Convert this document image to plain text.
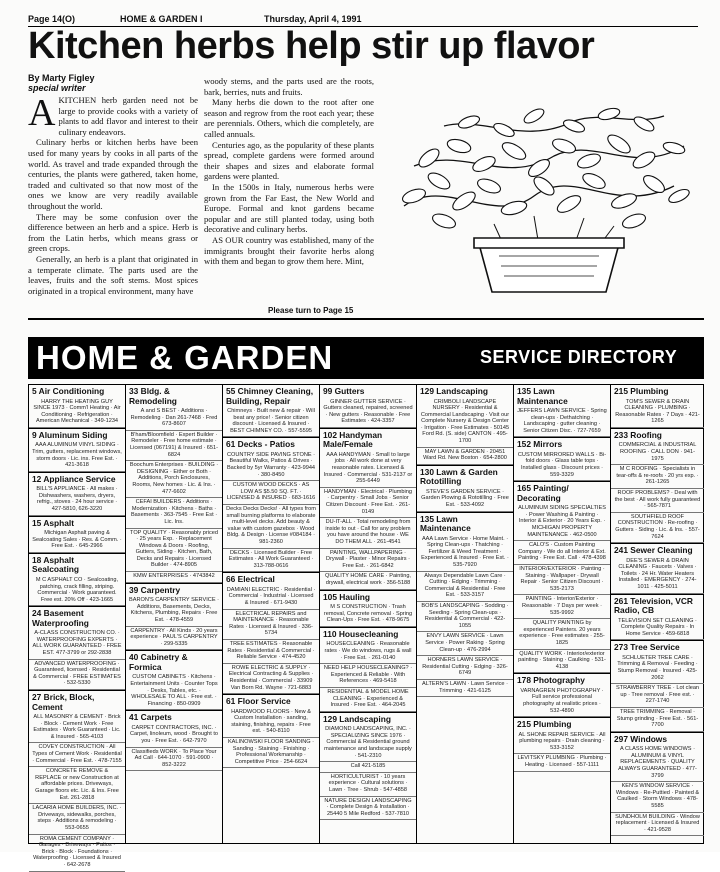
Page 14(O)	HOME & GARDEN I	Thursday, April 4, 1991
Kitchen herbs help stir up flavor
By Marty Figley
special writer

AKITCHEN herb garden need not be large to provide cooks with a variety of plants to add flavor and interest to their culinary endeavors.

Culinary herbs or kitchen herbs have been used for many years by cooks in all parts of the world. As travel and trade expanded through the centuries, the plants were gathered, taken home, traded and cultivated so that now most of the ones we know are very readily available throughout the world.

There may be some confusion over the difference between an herb and a spice. Herb is from the Latin herbs, which means grass or green crops.

Generally, an herb is a plant that originated in a temperate climate. The parts used are the leaves, fruits and the soft stems. Most spices originated in a tropical environment, many have

woody stems, and the parts used are the roots, bark, berries, nuts and fruits.

Many herbs die down to the root after one season and regrow from the root each year; these are perennials. Others, which die completely, are called annuals.

Centuries ago, as the popularity of these plants spread, complete gardens were formed around their shapes and sizes and elaborate formal gardens were planted.

In the 1500s in Italy, numerous herbs were grown from the Far East, the New World and Europe. Formal and knot gardens became popular and are still planted today, using both decorative and culinary herbs.

AS OUR country was established, many of the immigrants brought their favorite herbs along with them and began to grow them here. Mint,

Please turn to Page 15
HOME & GARDEN	SERVICE DIRECTORY
5 Air Conditioning
HARRY THE HEATING GUY SINCE 1973 · Comm'l Heating · Air Conditioning · Refrigeration · American Mechanical · 349-1234
9 Aluminum Siding
AAA ALUMINUM VINYL SIDING · Trim, gutters, replacement windows, storm doors · Lic. ins. Free Est. · 421-3618
12 Appliance Service
BILL'S APPLIANCE · All makes · Dishwashers, washers, dryers, refrig., stoves · 24 hour service · 427-5810, 626-3220
15 Asphalt
Michigan Asphalt paving & Sealcoating Sales · Res. & Comm. · Free Est. · 645-2966
18 Asphalt Sealcoating
M C ASPHALT CO · Sealcoating, patching, crack filling, striping. Commercial · Work guaranteed. Free est. 20% Off · 423-1665
24 Basement Waterproofing
A-CLASS CONSTRUCTION CO. · WATERPROOFING EXPERTS · ALL WORK GUARANTEED · FREE EST. 477-3799 or 292-2838
ADVANCED WATERPROOFING · Guaranteed, licensed · Residential & Commercial · FREE ESTIMATES · 532-5330
27 Brick, Block, Cement
ALL MASONRY & CEMENT · Brick · Block · Cement Work · Free Estimates · Work Guaranteed · Lic. & Insured · 565-4103
COVEY CONSTRUCTION · All Types of Cement Work · Residential · Commercial · Free Est. · 478-7155
CONCRETE REMOVE & REPLACE or new Construction at affordable prices. Driveways, Garage floors etc. Lic. & Ins. Free Est. 261-2818
LACARIA HOME BUILDERS, INC. · Driveways, sidewalks, porches, steps · Additions & remodeling · 553-0655
ROMA CEMENT COMPANY · Garages · Driveways · Patios · Brick · Block · Foundations · Waterproofing · Licensed & Insured · 642-2678
33 Bldg. & Remodeling
A and S BEST · Additions · Remodeling · Dan 261-7468 · Fred 673-8607
B'ham/Bloomfield · Expert Builder · Remodeler · Free home estimate · Licensed (067191) & Insured · 651-6824
Boochum Enterprises · BUILDING · DESIGNING · Either or Both · Additions, Porch Enclosures, Rooms, New homes · Lic. & Ins. · 477-6602
CEFAI BUILDERS · Additions · Modernization · Kitchens · Baths · Basements · 363-7545 · Free Est · Lic. Ins.
TOP QUALITY · Reasonably priced · 25 years Exp. · Replacement Windows & Doors · Roofing, Gutters, Siding · Kitchen, Bath, Decks and Repairs · Licensed Builder · 474-8905
KMW ENTERPRISES · 4743842
39 Carpentry
BARON'S CARPENTRY SERVICE · Additions, Basements, Decks, Kitchens, Plumbing, Repairs · Free Est. · 478-4559
CARPENTRY · All Kinds · 20 years experience · PAUL'S CARPENTRY · 299-5335
40 Cabinetry & Formica
CUSTOM CABINETS · Kitchens · Entertainment Units · Counter Tops · Desks, Tables, etc. · WHOLESALE TO ALL · Free est. · Financing · 850-0909
41 Carpets
CARPET CONTRACTORS, INC. · Carpet, linoleum, wood · Brought to you · Free Est. · 642-7970
Classifieds WORK · To Place Your Ad Call · 644-1070 · 591-0900 · 852-3222
55 Chimney Cleaning, Building, Repair
Chimneys · Built new & repair · Will beat any price! · Senior citizen discount · Licensed & Insured · BEST CHIMNEY CO. · 557-5595
61 Decks - Patios
COUNTRY SIDE PAVING STONE · Beautiful Walks, Patios & Drives · Backed by 5yr Warranty · 423-9944 · 380-8450
CUSTOM WOOD DECKS · AS LOW AS $5.50 SQ. FT. · LICENSED & INSURED · 683-1616
Decks Decks Decks! · All types from small burning platforms to elaborate multi-level decks. Add beauty & value with custom gazebos · Wood Bldg. & Design · License #084184 · 981-2360
DECKS · Licensed Builder · Free Estimates · All Work Guaranteed · 313-788-0616
66 Electrical
DAMIANI ELECTRIC · Residential · Commercial · Industrial · Licensed & Insured · 671-9430
ELECTRICAL REPAIRS and MAINTENANCE · Reasonable Rates · Licensed & Insured · 336-5734
TREE ESTIMATES · Reasonable Rates · Residential & Commercial · Reliable Service · 474-4520
ROWE ELECTRIC & SUPPLY · Electrical Contracting & Supplies · Residential · Commercial · 33909 Van Born Rd. Wayne · 721-6883
61 Floor Service
HARDWOOD FLOORS · New & Custom Installation · sanding, staining, finishing, repairs · Free est. · 540-8110
KALINOWSKI FLOOR SANDING · Sanding · Staining · Finishing · Professional Workmanship · Competitive Price · 254-6624
99 Gutters
GINNER GUTTER SERVICE · Gutters cleaned, repaired, screened · New gutters · Reasonable · Free Estimates · 424-3357
102 Handyman Male/Female
AAA HANDYMAN · Small to large jobs · All work done at very reasonable rates. Licensed & Insured · Commercial · 531-2137 or 255-6449
HANDYMAN · Electrical · Plumbing · Carpentry · Small Jobs · Senior Citizen Discount · Free Est. · 261-0149
DU-IT-ALL · Total remodeling from inside to out · Call for any problem you have around the house · WE DO THEM ALL · 261-4541
PAINTING, WALLPAPERING · Drywall · Plaster · Minor Repairs · Free Est. · 261-6842
QUALITY HOME CARE · Painting, drywall, electrical work · 356-5188
105 Hauling
M S CONSTRUCTION · Trash removal, Concrete removal · Spring Clean-Ups · Free Est. · 478-9675
110 Housecleaning
HOUSECLEANING · Reasonable rates · We do windows, rugs & wall · Free Est. · 261-0140
NEED HELP HOUSECLEANING? · Experienced & Reliable · With References · 469-5418
RESIDENTIAL & MODEL HOME CLEANING · Experienced & Insured · Free Est. · 464-2045
129 Landscaping
DIAMOND LANDSCAPING, INC. · SPECIALIZING SINCE 1976 · Commercial & Residential ground maintenance and landscape supply · 541-2310
Call 421-5185
HORTICULTURIST · 10 years experience · Cultural solutions · Lawn · Tree · Shrub · 547-4858
NATURE DESIGN LANDSCAPING · Complete Design & Installation · 25440 5 Mile Redford · 537-7810
129 Landscaping
CRIMBOLI LANDSCAPE NURSERY · Residential & Commercial Landscaping · Visit our Complete Nursery & Design Center · Irrigation · Free Estimates · 50145 Ford Rd. (S. side) CANTON · 495-1700
MAY LAWN & GARDEN · 20451 Ward Rd. New Boston · 654-2800
130 Lawn & Garden Rototilling
STEVE'S GARDEN SERVICE · Garden Plowing & Rototilling · Free Est. · 533-4092
135 Lawn Maintenance
AAA Lawn Service · Home Maint. · Spring Clean-ups · Thatching · Fertilizer & Weed Treatment · Experienced & Insured · Free Est. · 535-7920
Always Dependable Lawn Care · Cutting · Edging · Trimming · Commercial & Residential · Free Est. · 533-3157
BOB'S LANDSCAPING · Sodding · Seeding · Spring Clean-ups · Residential & Commercial · 422-1055
ENVY LAWN SERVICE · Lawn Service · Power Raking · Spring Clean-up · 476-2994
HORNERS LAWN SERVICE · Residential Cutting · Edging · 326-6749
ALTERN'S LAWN · Lawn Service · Trimming · 421-6125
135 Lawn Maintenance
JEFFERS LAWN SERVICE · Spring clean-ups · Dethatching · Landscaping · gutter cleaning · Senior Citizen Disc. · 727-7659
152 Mirrors
CUSTOM MIRRORED WALLS · Bi-fold doors · Glass table tops · Installed glass · Discount prices · 559-3329
165 Painting/ Decorating
ALUMINUM SIDING SPECIALTIES · Power Washing & Painting · Interior & Exterior · 20 Years Exp. · MICHIGAN PROPERTY MAINTENANCE · 462-0500
CALO'S · Custom Painting Company · We do all Interior & Ext. Painting · Free Est. Call · 478-4398
INTERIOR/EXTERIOR · Painting · Staining · Wallpaper · Drywall Repair · Senior Citizen Discount · 535-2173
PAINTING · Interior/Exterior · Reasonable · 7 Days per week · 535-9992
QUALITY PAINTING by experienced Painters. 20 years experience · Free estimates · 255-1825
QUALITY WORK · Interior/exterior painting · Staining · Caulking · 531-4138
178 Photography
VARNAGREN PHOTOGRAPHY · Full service professional photography at realistic prices · 532-4890
215 Plumbing
AL SHONE REPAIR SERVICE · All plumbing repairs · Drain cleaning · 533-3152
LEVITSKY PLUMBING · Plumbing · Heating · Licensed · 557-1111
215 Plumbing
TOM'S SEWER & DRAIN CLEANING · PLUMBING · Reasonable Rates · 7 Days · 421-1265
233 Roofing
COMMERCIAL & INDUSTRIAL ROOFING · CALL DON · 941-1975
M C ROOFING · Specialists in tear-offs & re-roofs · 20 yrs exp. · 261-1265
ROOF PROBLEMS? · Deal with the best · All work fully guaranteed · 565-7871
SOUTHFIELD ROOF CONSTRUCTION · Re-roofing · Gutters · Siding · Lic. & Ins. · 557-7624
241 Sewer Cleaning
DEE'S SEWER & DRAIN CLEANING · Faucets · Valves · Toilets · 24 Hr. Water Heaters Installed · EMERGENCY · 274-1011 · 425-5011
261 Television, VCR Radio, CB
TELEVISION SET CLEANING · Complete Quality Repairs · In Home Service · 459-6818
273 Tree Service
SCHLUETER TREE CARE · Trimming & Removal · Feeding · Stump Removal · Insured · 425-2062
STRAWBERRY TREE · Lot clean up · Tree removal · Free est. · 227-1740
TREE TRIMMING · Removal · Stump grinding · Free Est. · 561-7700
297 Windows
A CLASS HOME WINDOWS · ALUMINUM & VINYL REPLACEMENTS · QUALITY ALWAYS GUARANTEED · 477-3799
KEN'S WINDOW SERVICE · Windows · Re-Puttied · Painted & Caulked · Storm Windows · 478-5585
SUNDHOLM BUILDING · Window replacement · Licensed & Insured · 421-9528
